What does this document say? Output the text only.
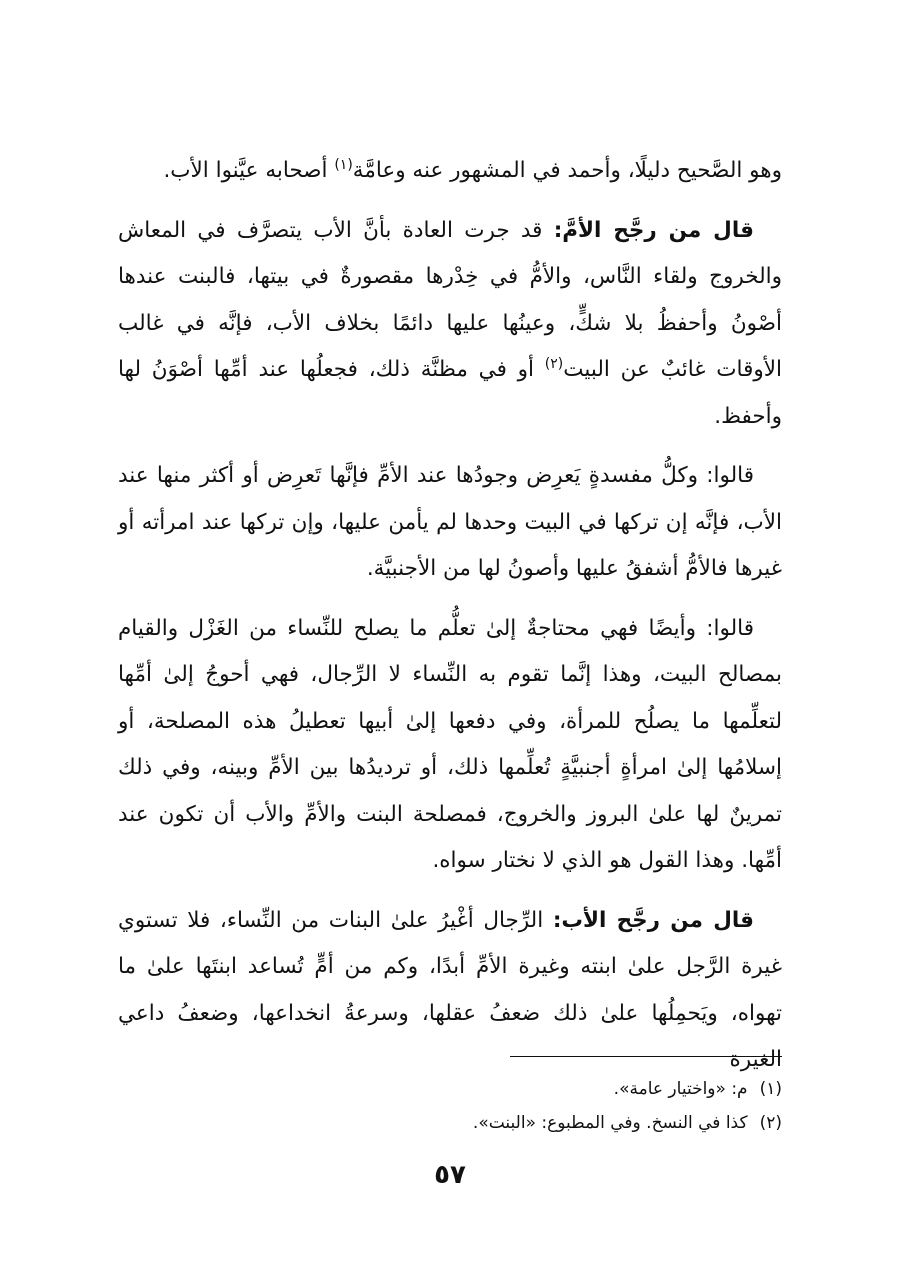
وهو الصَّحيح دليلًا، وأحمد في المشهور عنه وعامَّة$^{(١)}$ أصحابه عيَّنوا الأب.

قال من رجَّح الأمَّ: قد جرت العادة بأنَّ الأب يتصرَّف في المعاش والخروج ولقاء النَّاس، والأمُّ في خِدْرها مقصورةٌ في بيتها، فالبنت عندها أصْونُ وأحفظُ بلا شكٍّ، وعينُها عليها دائمًا بخلاف الأب، فإنَّه في غالب الأوقات غائبٌ عن البيت$^{(٢)}$ أو في مظنَّة ذلك، فجعلُها عند أمِّها أصْوَنُ لها وأحفظ.

قالوا: وكلُّ مفسدةٍ يَعرِض وجودُها عند الأمِّ فإنَّها تَعرِض أو أكثر منها عند الأب، فإنَّه إن تركها في البيت وحدها لم يأمن عليها، وإن تركها عند امرأته أو غيرها فالأمُّ أشفقُ عليها وأصونُ لها من الأجنبيَّة.

قالوا: وأيضًا فهي محتاجةٌ إلىٰ تعلُّم ما يصلح للنِّساء من الغَزْل والقيام بمصالح البيت، وهذا إنَّما تقوم به النِّساء لا الرِّجال، فهي أحوجُ إلىٰ أمِّها لتعلِّمها ما يصلُح للمرأة، وفي دفعها إلىٰ أبيها تعطيلُ هذه المصلحة، أو إسلامُها إلىٰ امرأةٍ أجنبيَّةٍ تُعلِّمها ذلك، أو ترديدُها بين الأمِّ وبينه، وفي ذلك تمرينٌ لها علىٰ البروز والخروج، فمصلحة البنت والأمِّ والأب أن تكون عند أمِّها. وهذا القول هو الذي لا نختار سواه.

قال من رجَّح الأب: الرِّجال أغْيرُ علىٰ البنات من النِّساء، فلا تستوي غيرة الرَّجل علىٰ ابنته وغيرة الأمِّ أبدًا، وكم من أمٍّ تُساعد ابنتَها علىٰ ما تهواه، ويَحمِلُها علىٰ ذلك ضعفُ عقلها، وسرعةُ انخداعها، وضعفُ داعي الغيرة

(١)م: «واختيار عامة».
(٢)كذا في النسخ. وفي المطبوع: «البنت».
٥٧
